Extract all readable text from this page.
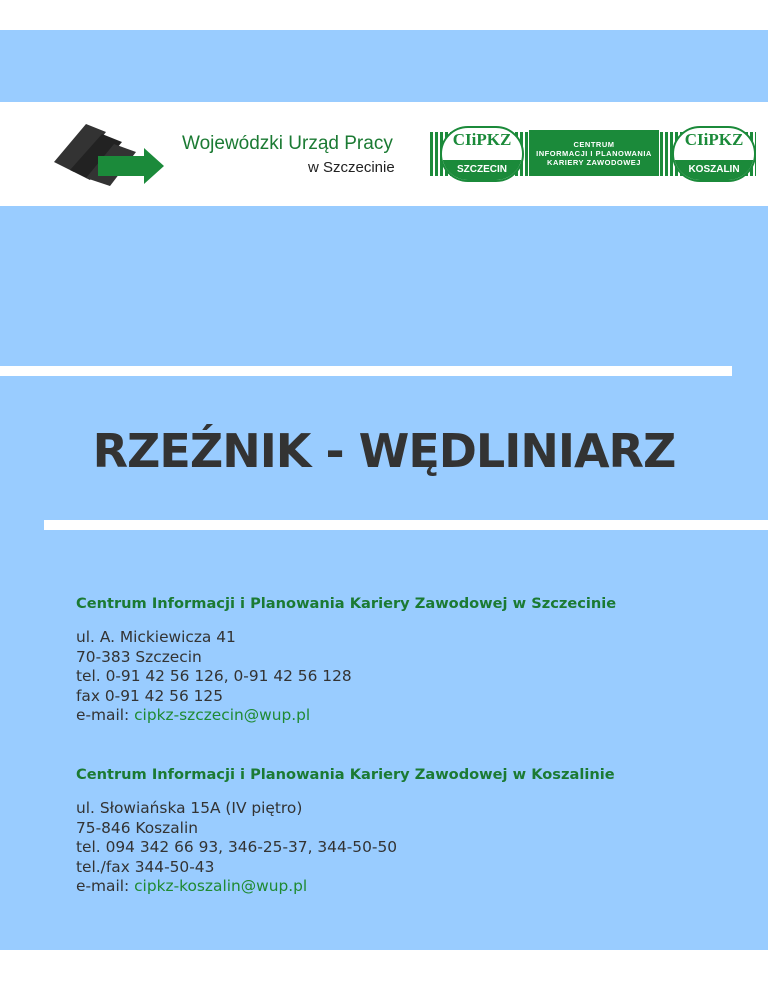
Wojewódzki Urząd Pracy
w Szczecinie
CENTRUM
INFORMACJI I PLANOWANIA
KARIERY ZAWODOWEJ
CIiPKZ
SZCZECIN
CIiPKZ
KOSZALIN
RZEŹNIK - WĘDLINIARZ
Centrum Informacji i Planowania Kariery Zawodowej w Szczecinie
ul. A. Mickiewicza 41
70-383 Szczecin
tel. 0-91 42 56 126, 0-91 42 56 128
fax 0-91 42 56 125
e-mail: cipkz-szczecin@wup.pl
Centrum Informacji i Planowania Kariery Zawodowej w Koszalinie
ul. Słowiańska 15A (IV piętro)
75-846 Koszalin
tel. 094 342 66 93, 346-25-37, 344-50-50
tel./fax 344-50-43
e-mail: cipkz-koszalin@wup.pl
